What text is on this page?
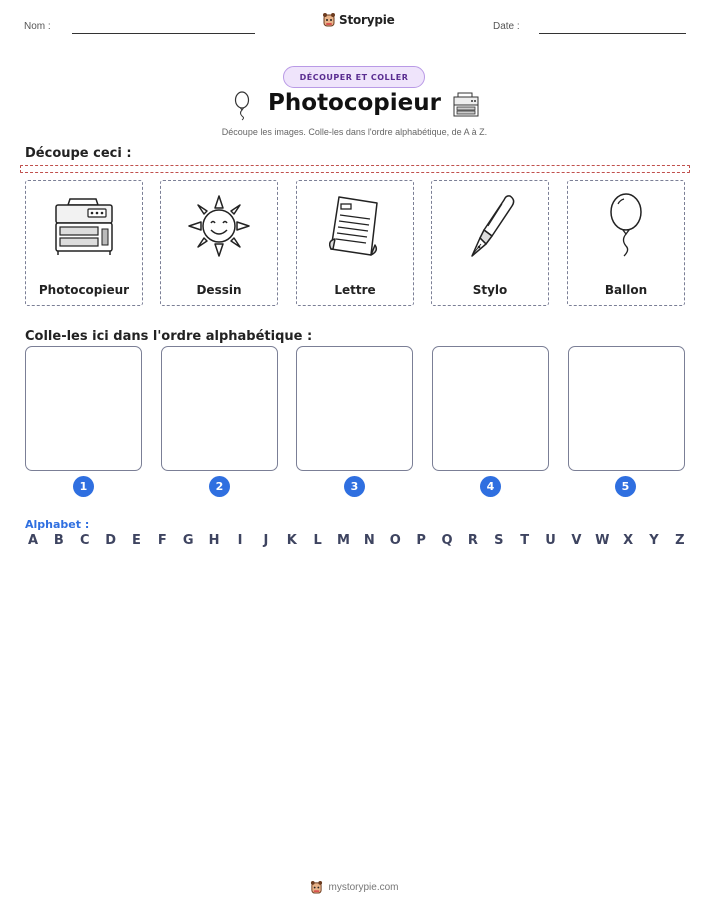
Nom :	Storypie	Date :
DÉCOUPER ET COLLER
Photocopieur
Découpe les images. Colle-les dans l'ordre alphabétique, de A à Z.
Découpe ceci :
Photocopieur	Dessin	Lettre	Stylo	Ballon
Colle-les ici dans l'ordre alphabétique :
1	2	3	4	5
Alphabet :
A B C D E F G H	I	J	K L M N O P Q R S T U V W X Y Z
mystorypie.com
